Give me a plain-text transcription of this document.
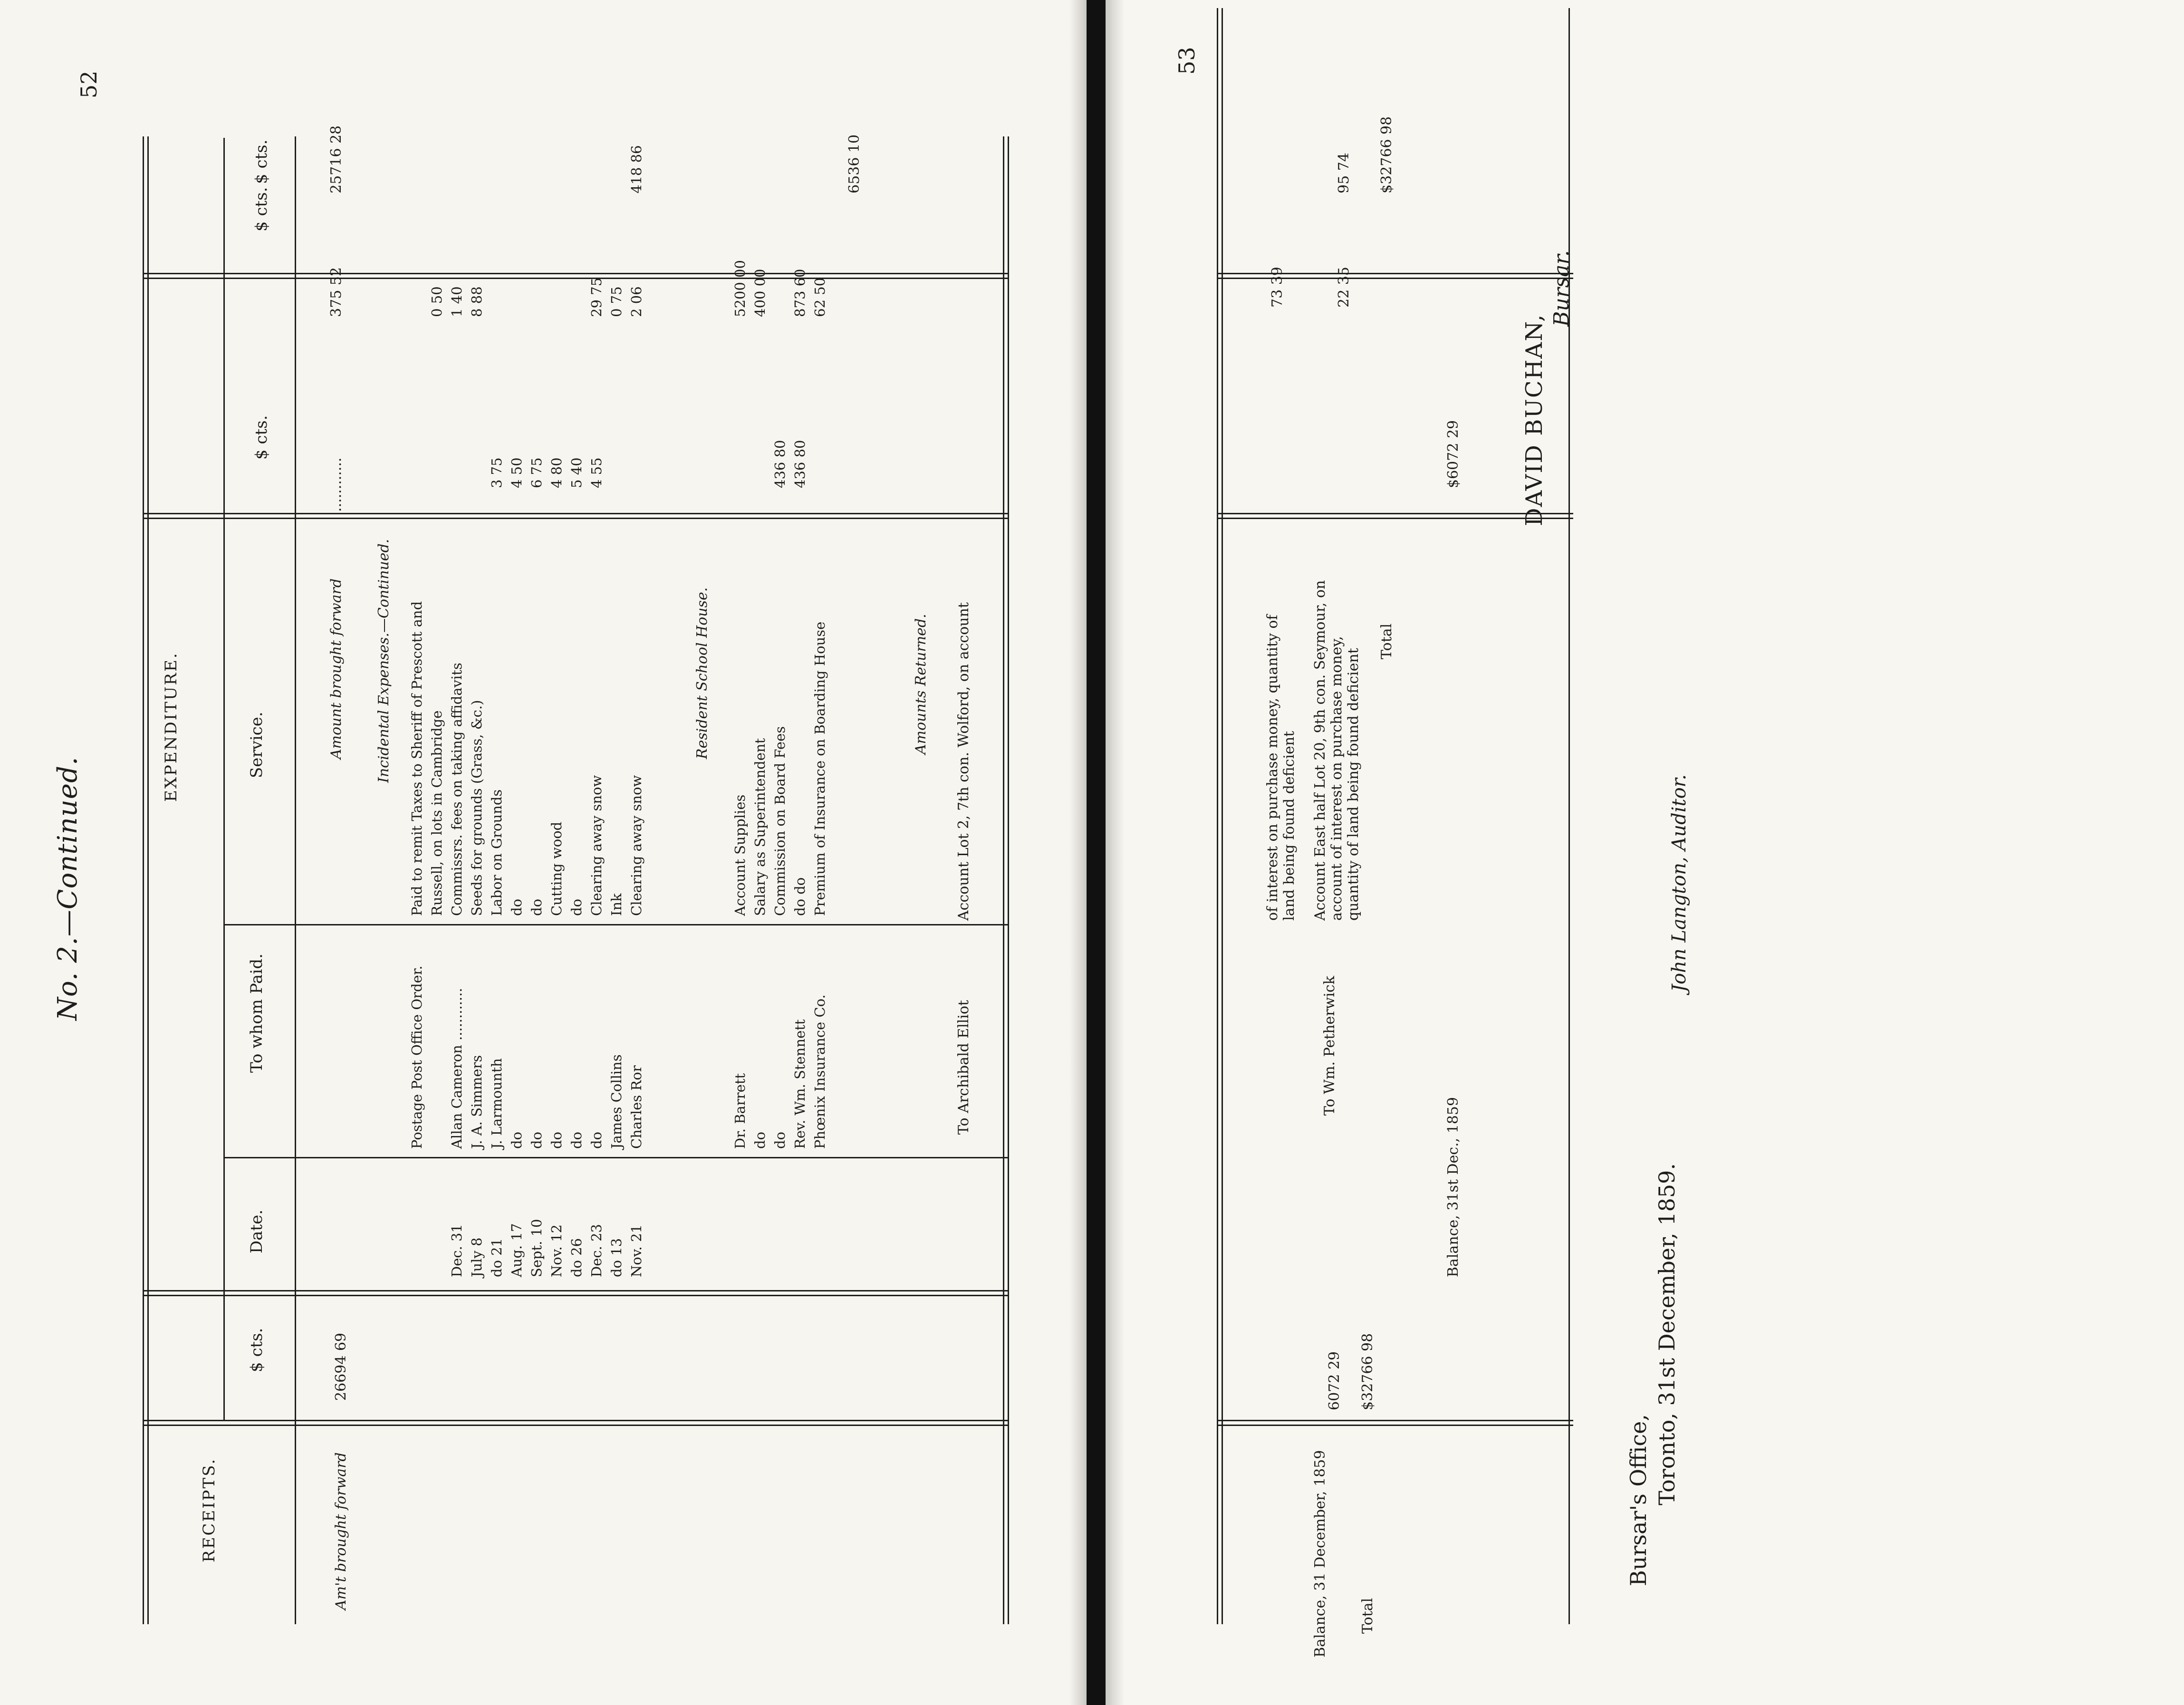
52
No. 2.—Continued.
RECEIPTS.
$ cts.
EXPENDITURE.
Date.
To whom Paid.
Service.
$ cts.
$ cts.
$ cts.
Am't brought forward
26694 69
Amount brought forward
............
375 52
25716 28
Incidental Expenses.—Continued.	Resident School House.
6536 10
Amounts Returned.
To Archibald Elliot
Account Lot 2, 7th con. Wolford, on account
Postage Post Office Order.
Paid to remit Taxes to Sheriff of Prescott and Russell, on lots in Cambridge
0 50
Dec. 31
Allan Cameron ............
Commissrs. fees on taking affidavits
1 40
July 8
J. A. Simmers
Seeds for grounds (Grass, &c.)
8 88
do 21
J. Larmounth
Labor on Grounds
3 75
Aug. 17
do
do
4 50
Sept. 10
do
do
6 75
Nov. 12
do
Cutting wood
4 80
do 26
do
do
5 40
Dec. 23
do
Clearing away snow
4 55
29 75
do 13
James Collins
Ink
0 75
Nov. 21
Charles Ror
Clearing away snow
2 06
418 86
Dr. Barrett
Account Supplies
5200 00
do
Salary as Superintendent
400 00
do
Commission on Board Fees
436 80
Rev. Wm. Stennett
do do
436 80
873 60
Phœnix Insurance Co.
Premium of Insurance on Boarding House
62 50
53
Balance, 31 December, 1859
6072 29
Total
$32766 98
of interest on purchase money, quantity of land being found deficient
73 39
To Wm. Petherwick
Account East half Lot 20, 9th con. Seymour, on account of interest on purchase money, quantity of land being found deficient
22 35
95 74
Total
$32766 98
Balance, 31st Dec., 1859
$6072 29	DAVID BUCHAN,
Bursar.
John Langton, Auditor.
Bursar's Office, Toronto, 31st December, 1859.
